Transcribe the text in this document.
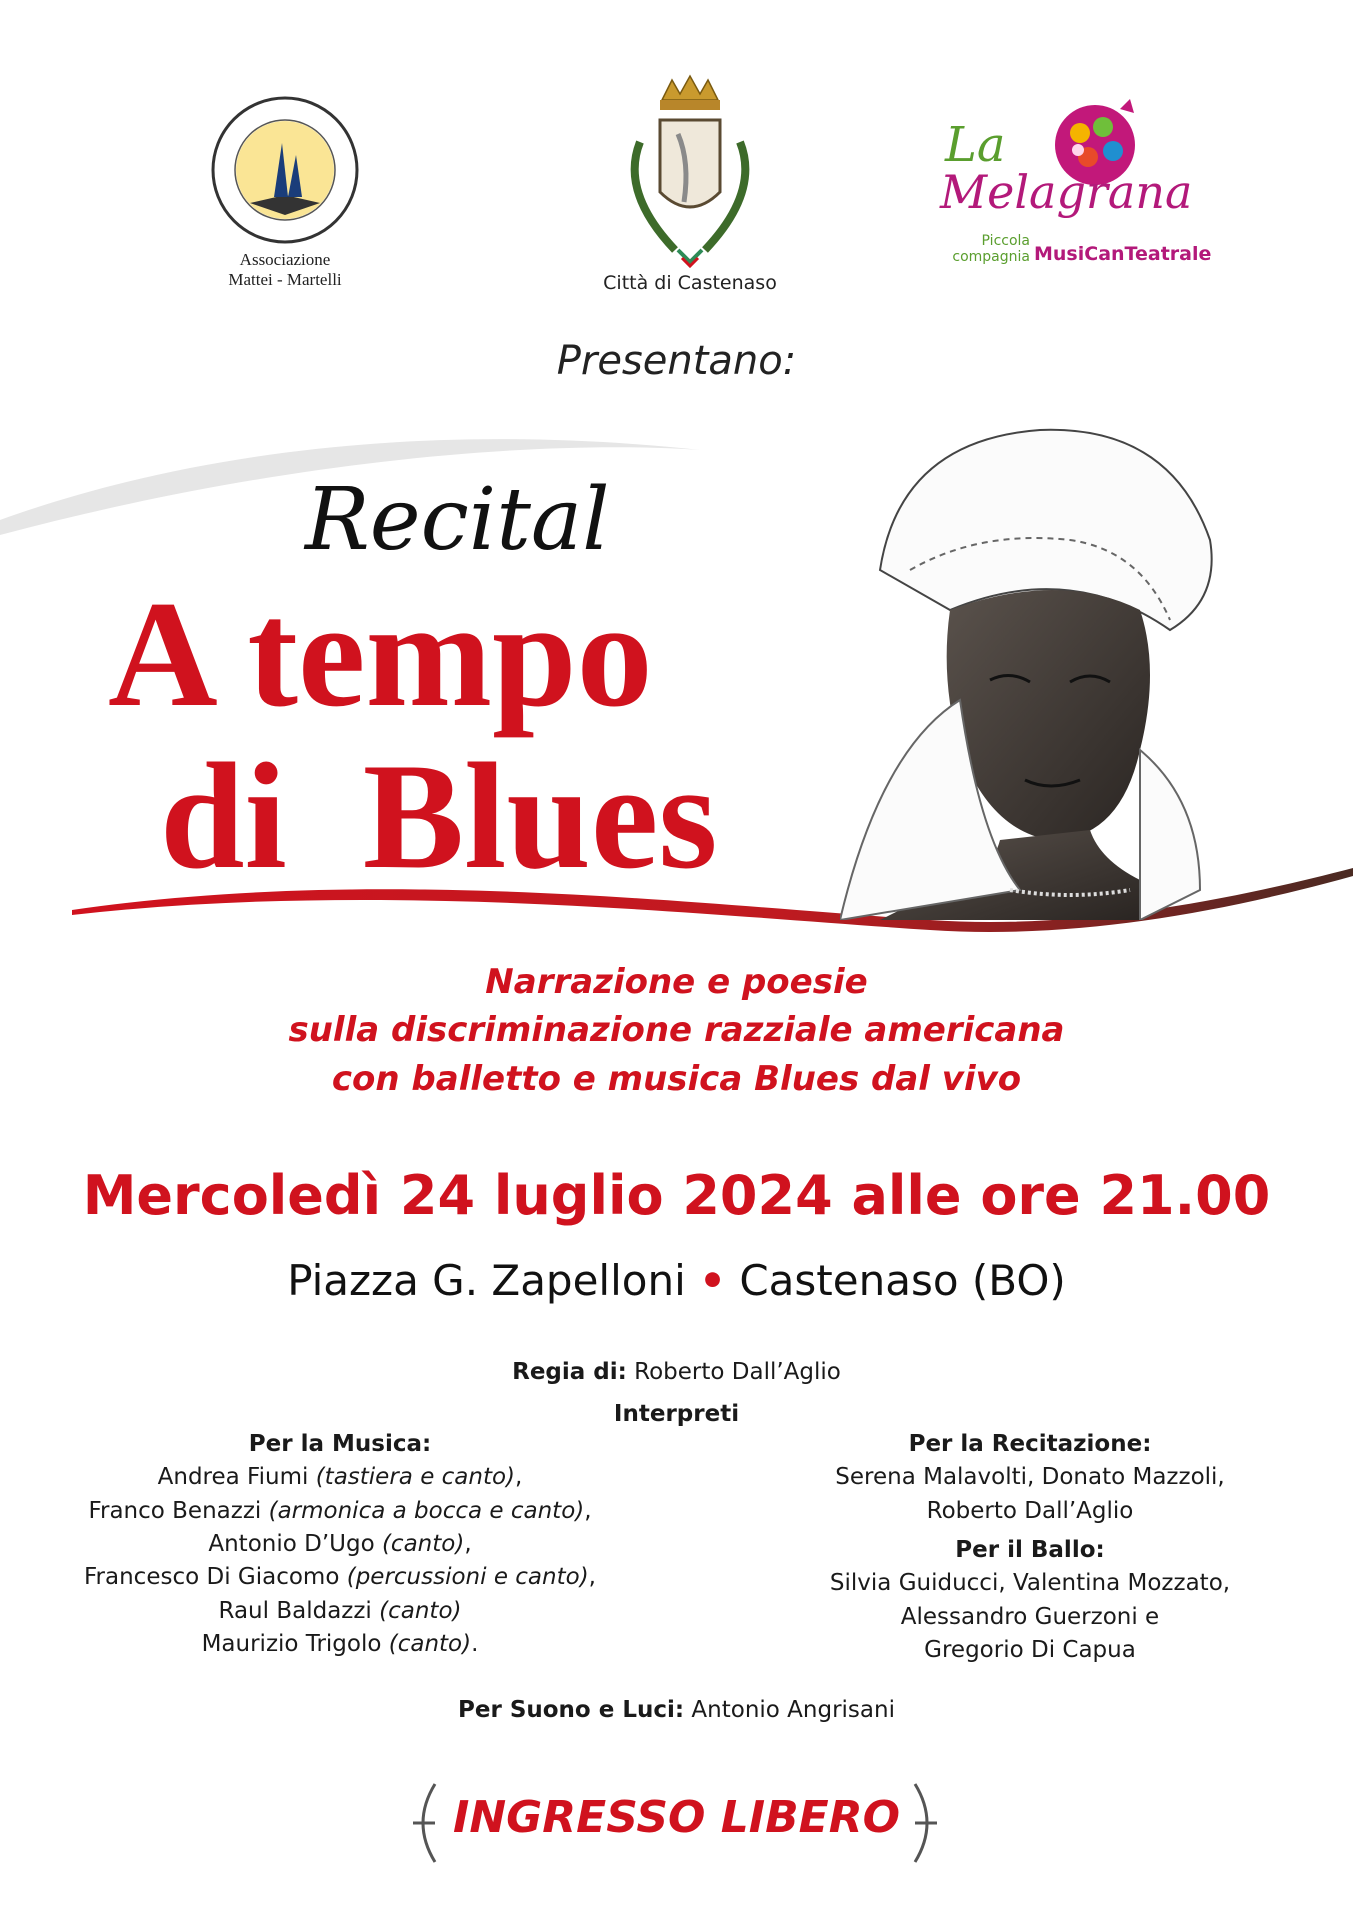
Associazione
Mattei - Martelli	Città di Castenaso
La
Melagrana
Piccola
compagnia MusiCanTeatrale
Presentano:
Recital
A tempo
di  Blues
Narrazione e poesie
sulla discriminazione razziale americana
con balletto e musica Blues dal vivo
Mercoledì 24 luglio 2024 alle ore 21.00
Piazza G. Zapelloni • Castenaso (BO)
Regia di: Roberto Dall’Aglio
Interpreti
Per la Musica:
Andrea Fiumi (tastiera e canto),
Franco Benazzi (armonica a bocca e canto),
Antonio D’Ugo (canto),
Francesco Di Giacomo (percussioni e canto),
Raul Baldazzi (canto)
Maurizio Trigolo (canto).
Per la Recitazione:
Serena Malavolti, Donato Mazzoli,
Roberto Dall’Aglio
Per il Ballo:
Silvia Guiducci, Valentina Mozzato,
Alessandro Guerzoni e
Gregorio Di Capua
Per Suono e Luci: Antonio Angrisani
INGRESSO LIBERO
